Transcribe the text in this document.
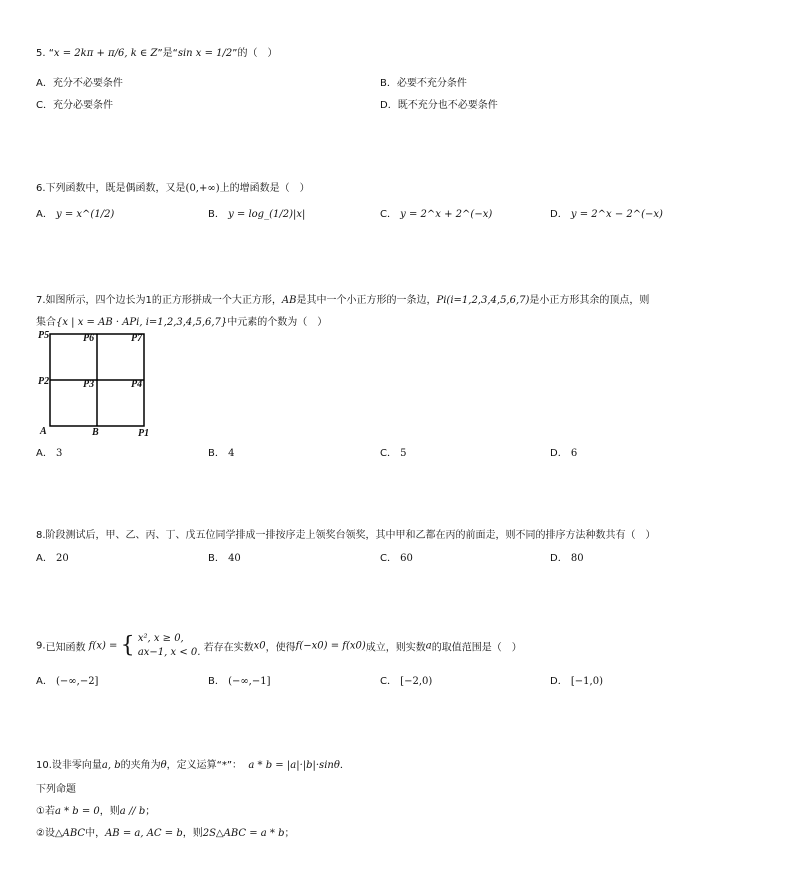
5. “x = 2kπ + π/6, k ∈ Z”是“sin x = 1/2”的（　）
A．充分不必要条件	B．必要不充分条件
C．充分必要条件	D．既不充分也不必要条件
6.下列函数中，既是偶函数，又是(0,+∞)上的增函数是（　）
A． y = x^(1/2)	B． y = log_(1/2)|x|	C． y = 2^x + 2^(−x)	D． y = 2^x − 2^(−x)
7.如图所示，四个边长为1的正方形拼成一个大正方形，AB是其中一个小正方形的一条边，Pi(i=1,2,3,4,5,6,7)是小正方形其余的顶点，则
集合{x | x = AB · APi, i=1,2,3,4,5,6,7}中元素的个数为（　）
P5	P6	P7
P2	P3	P4
A	B	P1
A． 3	B． 4	C． 5	D． 6
8.阶段测试后，甲、乙、丙、丁、戊五位同学排成一排按序走上领奖台领奖，其中甲和乙都在丙的前面走，则不同的排序方法种数共有（　）
A． 20	B． 40	C． 60	D． 80
9.已知函数 f(x) = { x², x ≥ 0,
ax−1, x < 0. 若存在实数x0，使得f(−x0) = f(x0)成立，则实数a的取值范围是（　）
A． (−∞,−2]	B． (−∞,−1]	C． [−2,0)	D． [−1,0)
10.设非零向量a, b的夹角为θ，定义运算“*”： a * b = |a|·|b|·sinθ．
下列命题
①若a * b = 0，则a // b；
②设△ABC中，AB = a, AC = b，则2S△ABC = a * b；
